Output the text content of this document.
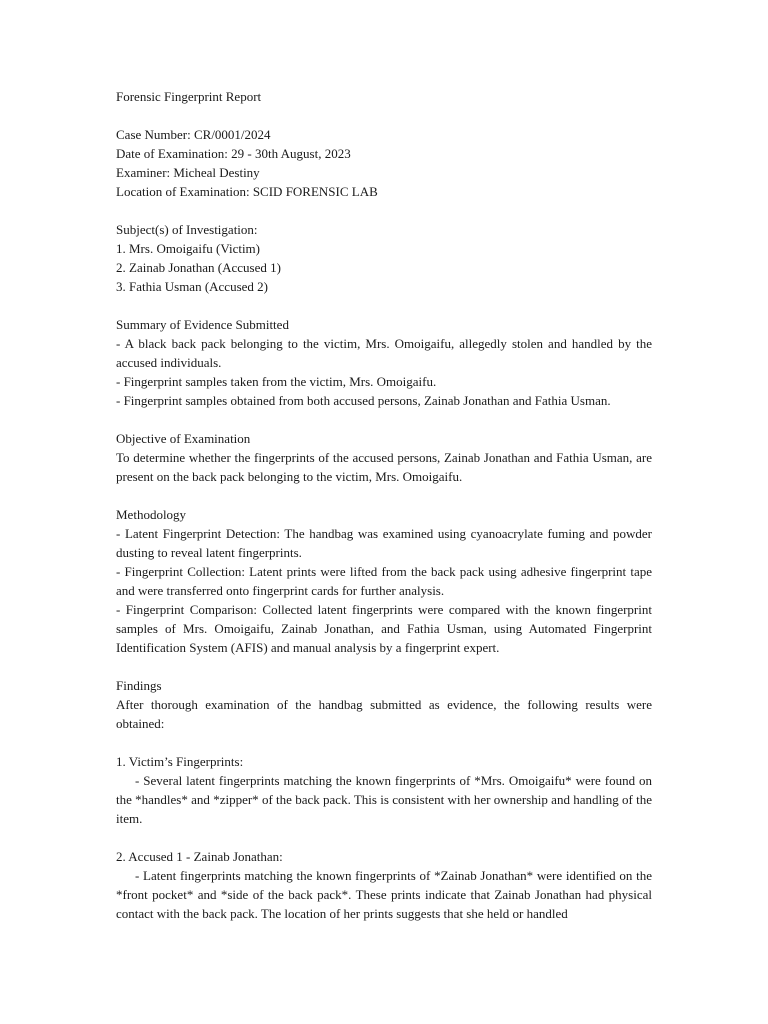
Forensic Fingerprint Report
Case Number: CR/0001/2024
Date of Examination: 29 - 30th August, 2023
Examiner: Micheal Destiny
Location of Examination: SCID FORENSIC LAB
Subject(s) of Investigation:
1. Mrs. Omoigaifu (Victim)
2. Zainab Jonathan (Accused 1)
3. Fathia Usman (Accused 2)
Summary of Evidence Submitted
- A black back pack belonging to the victim, Mrs. Omoigaifu, allegedly stolen and handled by the accused individuals.
- Fingerprint samples taken from the victim, Mrs. Omoigaifu.
- Fingerprint samples obtained from both accused persons, Zainab Jonathan and Fathia Usman.
Objective of Examination
To determine whether the fingerprints of the accused persons, Zainab Jonathan and Fathia Usman, are present on the back pack belonging to the victim, Mrs. Omoigaifu.
Methodology
- Latent Fingerprint Detection: The handbag was examined using cyanoacrylate fuming and powder dusting to reveal latent fingerprints.
- Fingerprint Collection: Latent prints were lifted from the back pack using adhesive fingerprint tape and were transferred onto fingerprint cards for further analysis.
- Fingerprint Comparison: Collected latent fingerprints were compared with the known fingerprint samples of Mrs. Omoigaifu, Zainab Jonathan, and Fathia Usman, using Automated Fingerprint Identification System (AFIS) and manual analysis by a fingerprint expert.
Findings
After thorough examination of the handbag submitted as evidence, the following results were obtained:
1. Victim’s Fingerprints:
- Several latent fingerprints matching the known fingerprints of *Mrs. Omoigaifu* were found on the *handles* and *zipper* of the back pack. This is consistent with her ownership and handling of the item.
2. Accused 1 - Zainab Jonathan:
- Latent fingerprints matching the known fingerprints of *Zainab Jonathan* were identified on the *front pocket* and *side of the back pack*. These prints indicate that Zainab Jonathan had physical contact with the back pack. The location of her prints suggests that she held or handled
